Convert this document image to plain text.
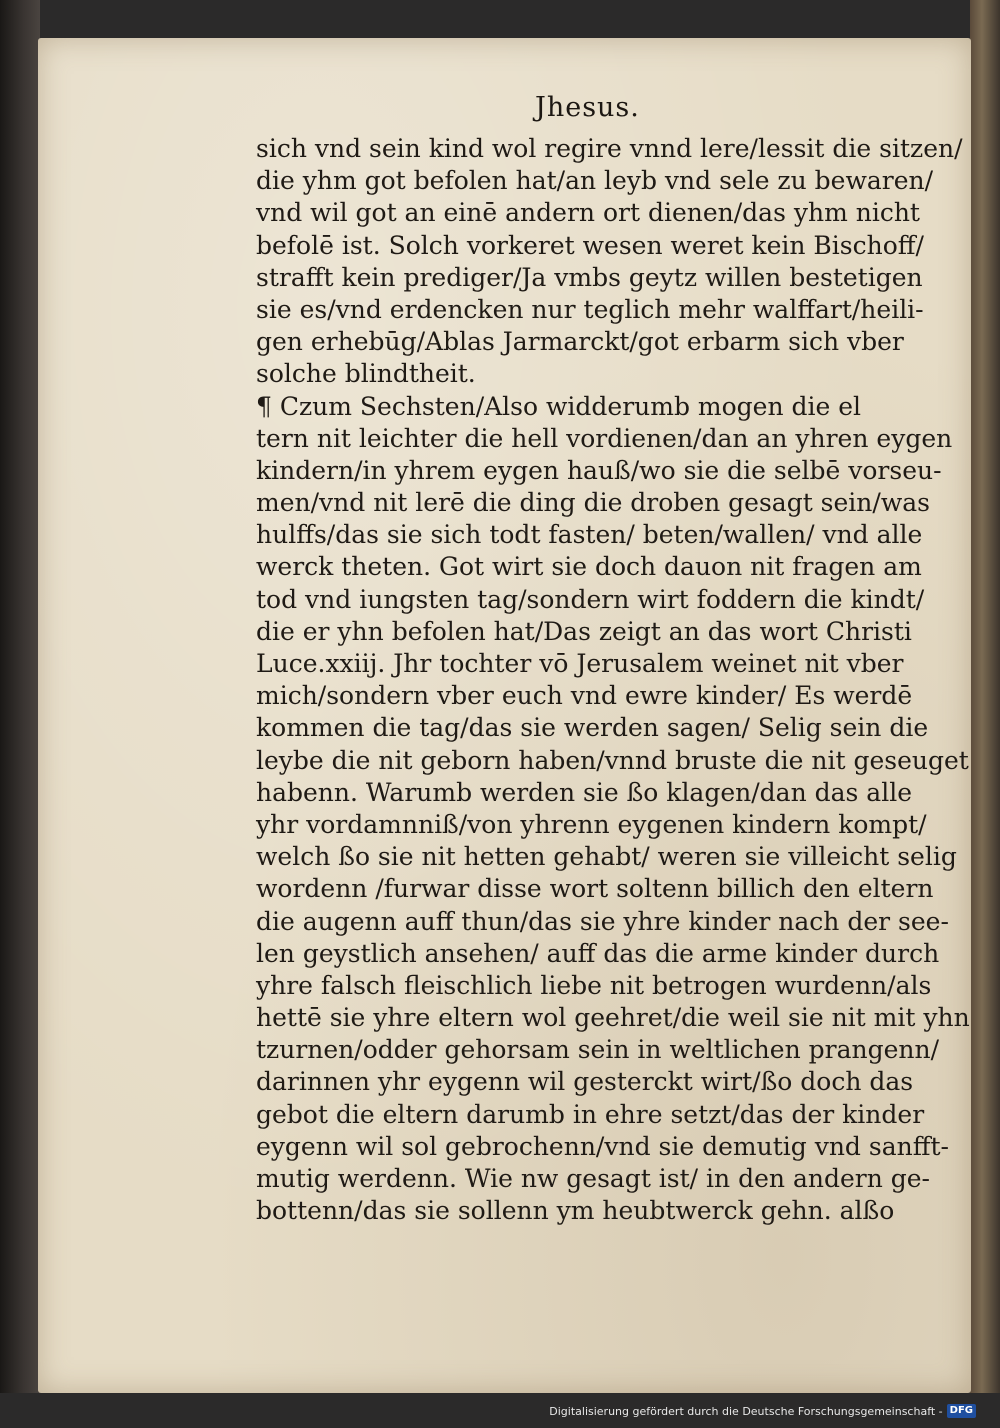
Jhesus.
sich vnd sein kind wol regire vnnd lere/lessit die sitzen/
die yhm got befolen hat/an leyb vnd sele zu bewaren/
vnd wil got an einē andern ort dienen/das yhm nicht
befolē ist. Solch vorkeret wesen weret kein Bischoff/
strafft kein prediger/Ja vmbs geytz willen bestetigen
sie es/vnd erdencken nur teglich mehr walffart/heili‑
gen erhebūg/Ablas Jarmarckt/got erbarm sich vber
solche blindtheit.
¶ Czum Sechsten/Also widderumb mogen die el
tern nit leichter die hell vordienen/dan an yhren eygen
kindern/in yhrem eygen hauß/wo sie die selbē vorseu‑
men/vnd nit lerē die ding die droben gesagt sein/was
hulffs/das sie sich todt fasten/ beten/wallen/ vnd alle
werck theten. Got wirt sie doch dauon nit fragen am
tod vnd iungsten tag/sondern wirt foddern die kindt/
die er yhn befolen hat/Das zeigt an das wort Christi
Luce.xxiij. Jhr tochter vō Jerusalem weinet nit vber
mich/sondern vber euch vnd ewre kinder/ Es werdē
kommen die tag/das sie werden sagen/ Selig sein die
leybe die nit geborn haben/vnnd bruste die nit geseuget
habenn. Warumb werden sie ßo klagen/dan das alle
yhr vordamnniß/von yhrenn eygenen kindern kompt/
welch ßo sie nit hetten gehabt/ weren sie villeicht selig
wordenn /furwar disse wort soltenn billich den eltern
die augenn auff thun/das sie yhre kinder nach der see‑
len geystlich ansehen/ auff das die arme kinder durch
yhre falsch fleischlich liebe nit betrogen wurdenn/als
hettē sie yhre eltern wol geehret/die weil sie nit mit yhn
tzurnen/odder gehorsam sein in weltlichen prangenn/
darinnen yhr eygenn wil gesterckt wirt/ßo doch das
gebot die eltern darumb in ehre setzt/das der kinder
eygenn wil sol gebrochenn/vnd sie demutig vnd sanfft‑
mutig werdenn. Wie nw gesagt ist/ in den andern ge‑
bottenn/das sie sollenn ym heubtwerck gehn. alßo
Digitalisierung gefördert durch die Deutsche Forschungsgemeinschaft - DFG
